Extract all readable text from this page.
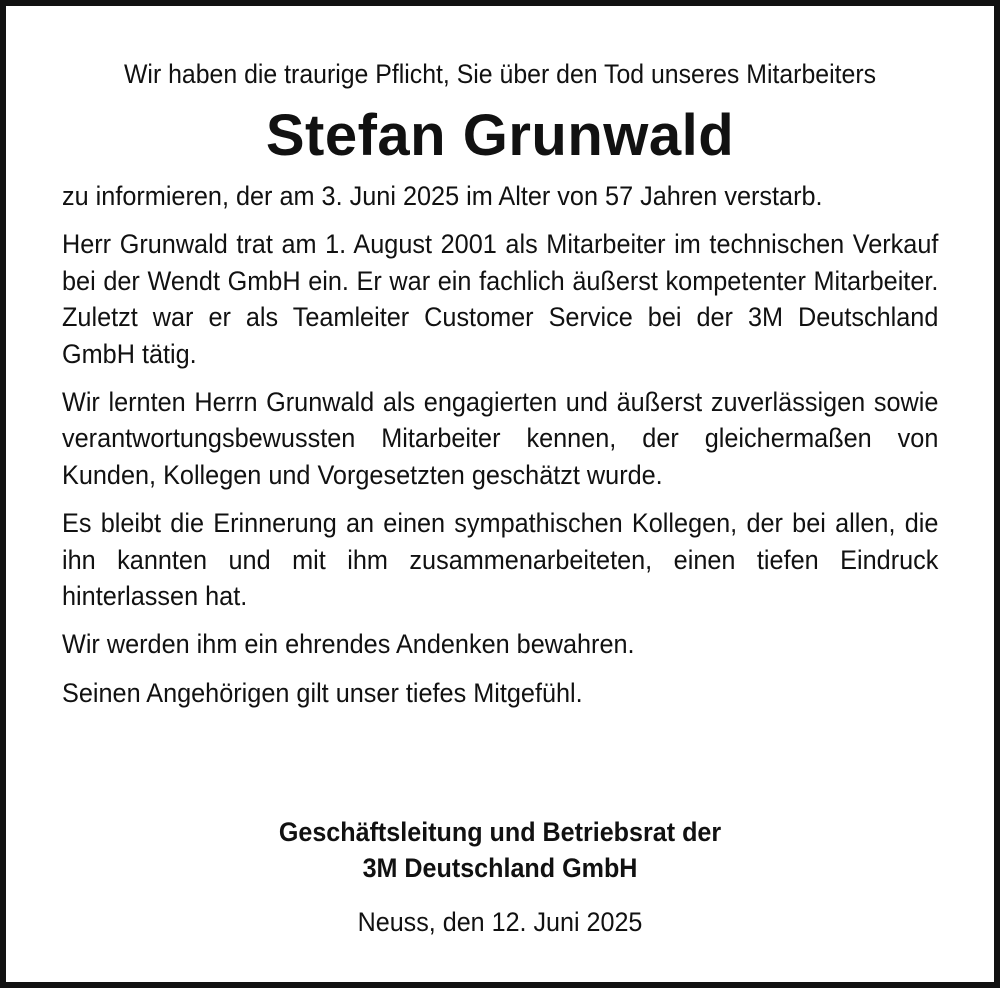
Wir haben die traurige Pflicht, Sie über den Tod unseres Mitarbeiters

Stefan Grunwald

zu informieren, der am 3. Juni 2025 im Alter von 57 Jahren verstarb.

Herr Grunwald trat am 1. August 2001 als Mitarbeiter im technischen Verkauf bei der Wendt GmbH ein. Er war ein fachlich äußerst kompetenter Mitarbeiter. Zuletzt war er als Teamleiter Customer Service bei der 3M Deutschland GmbH tätig.

Wir lernten Herrn Grunwald als engagierten und äußerst zuverlässigen sowie verantwortungsbewussten Mitarbeiter kennen, der gleichermaßen von Kunden, Kollegen und Vorgesetzten geschätzt wurde.

Es bleibt die Erinnerung an einen sympathischen Kollegen, der bei allen, die ihn kannten und mit ihm zusammenarbeiteten, einen tiefen Eindruck hinterlassen hat.

Wir werden ihm ein ehrendes Andenken bewahren.

Seinen Angehörigen gilt unser tiefes Mitgefühl.

Geschäftsleitung und Betriebsrat der

3M Deutschland GmbH

Neuss, den 12. Juni 2025
